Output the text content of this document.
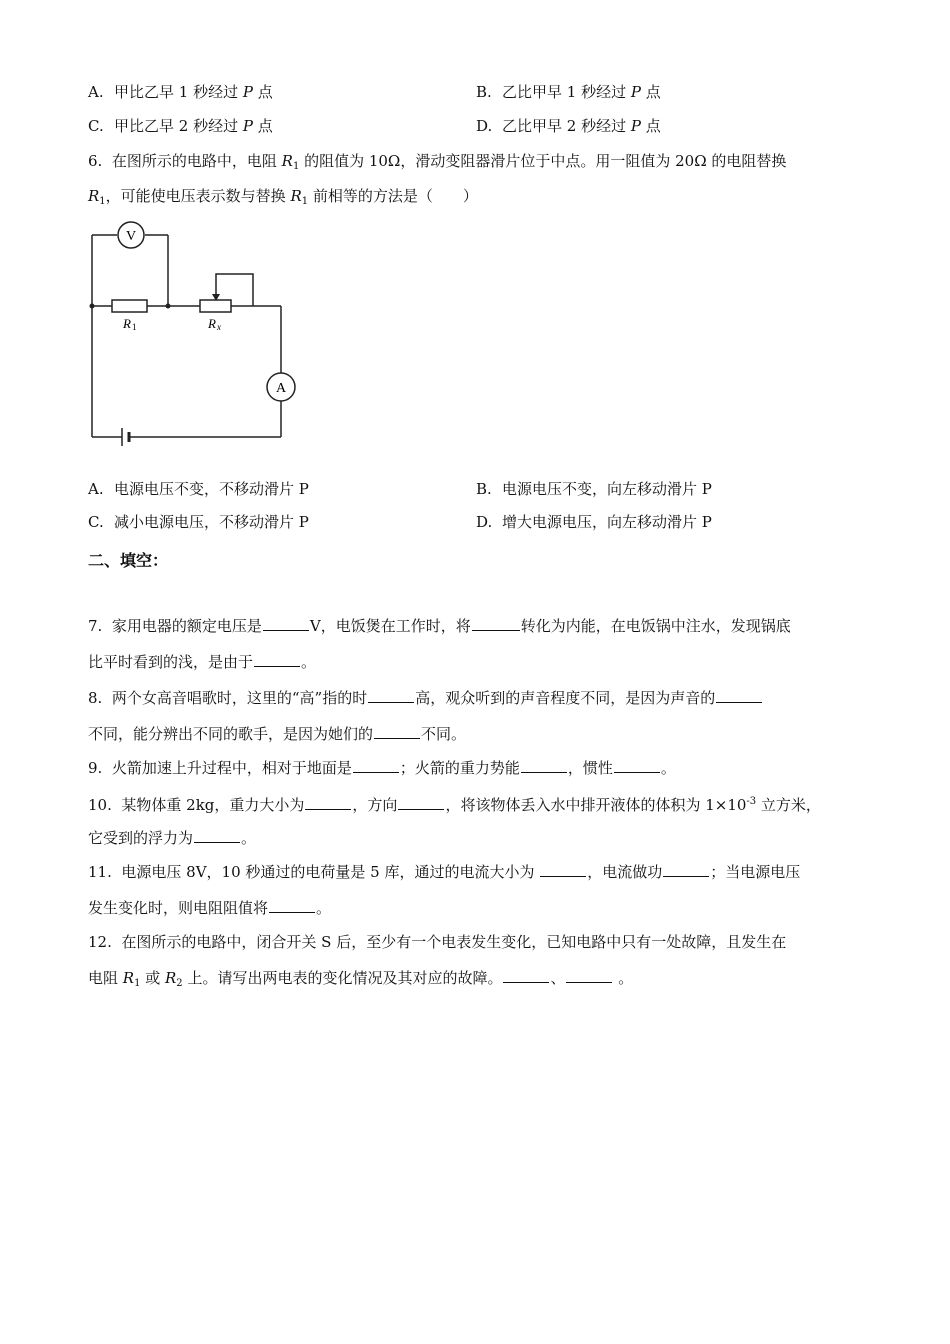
A. 甲比乙早 1 秒经过 P 点	B. 乙比甲早 1 秒经过 P 点
C. 甲比乙早 2 秒经过 P 点	D. 乙比甲早 2 秒经过 P 点
6. 在图所示的电路中，电阻 $R_1$ 的阻值为 10Ω，滑动变阻器滑片位于中点。用一阻值为 20Ω 的电阻替换
$R_1$，可能使电压表示数与替换 $R_1$ 前相等的方法是（　　）
V
A
R 1	R x
A. 电源电压不变，不移动滑片 P	B. 电源电压不变，向左移动滑片 P
C. 减小电源电压，不移动滑片 P	D. 增大电源电压，向左移动滑片 P
二、填空：
7. 家用电器的额定电压是	V，电饭煲在工作时，将	转化为内能，在电饭锅中注水，发现锅底
比平时看到的浅，是由于	。
8. 两个女高音唱歌时，这里的“高”指的时	高，观众听到的声音程度不同，是因为声音的
不同，能分辨出不同的歌手，是因为她们的	不同。
9. 火箭加速上升过程中，相对于地面是	；火箭的重力势能	，惯性	。
10. 某物体重 2kg，重力大小为	，方向	，将该物体丢入水中排开液体的体积为 $1\times 10^{-3}$ 立方米，
它受到的浮力为	。
11. 电源电压 8V，10 秒通过的电荷量是 5 库，通过的电流大小为	，电流做功	；当电源电压
发生变化时，则电阻阻值将	。
12. 在图所示的电路中，闭合开关 S 后，至少有一个电表发生变化，已知电路中只有一处故障，且发生在
电阻 $R_1$ 或 $R_2$ 上。请写出两电表的变化情况及其对应的故障。	、	。
